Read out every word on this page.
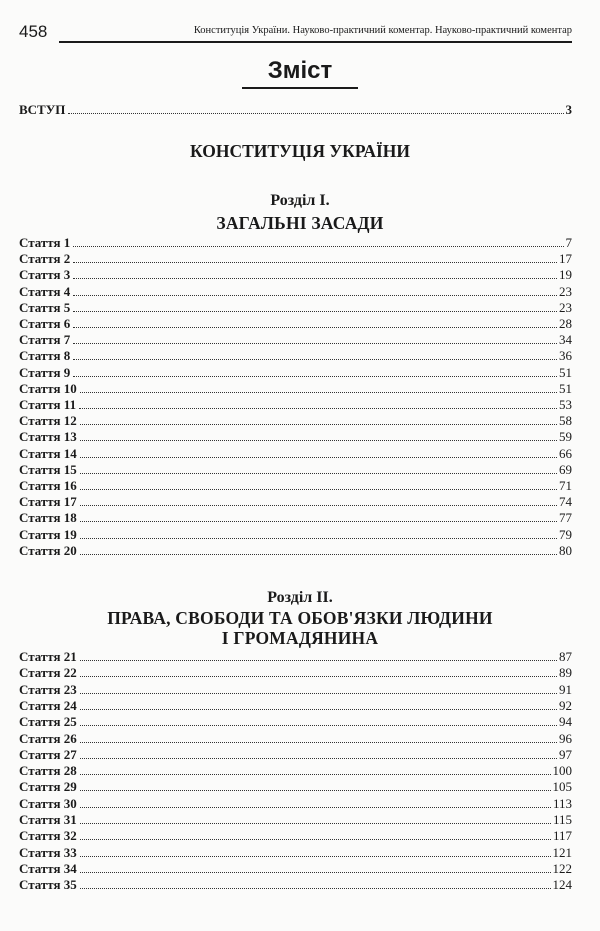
458	Конституція України. Науково-практичний коментар. Науково-практичний коментар
Зміст
ВСТУП	3
КОНСТИТУЦІЯ УКРАЇНИ
Розділ І.
ЗАГАЛЬНІ ЗАСАДИ
Стаття 1	7
Стаття 2	17
Стаття 3	19
Стаття 4	23
Стаття 5	23
Стаття 6	28
Стаття 7	34
Стаття 8	36
Стаття 9	51
Стаття 10	51
Стаття 11	53
Стаття 12	58
Стаття 13	59
Стаття 14	66
Стаття 15	69
Стаття 16	71
Стаття 17	74
Стаття 18	77
Стаття 19	79
Стаття 20	80
Розділ ІІ.
ПРАВА, СВОБОДИ ТА ОБОВ'ЯЗКИ ЛЮДИНИ
І ГРОМАДЯНИНА
Стаття 21	87
Стаття 22	89
Стаття 23	91
Стаття 24	92
Стаття 25	94
Стаття 26	96
Стаття 27	97
Стаття 28	100
Стаття 29	105
Стаття 30	113
Стаття 31	115
Стаття 32	117
Стаття 33	121
Стаття 34	122
Стаття 35	124
